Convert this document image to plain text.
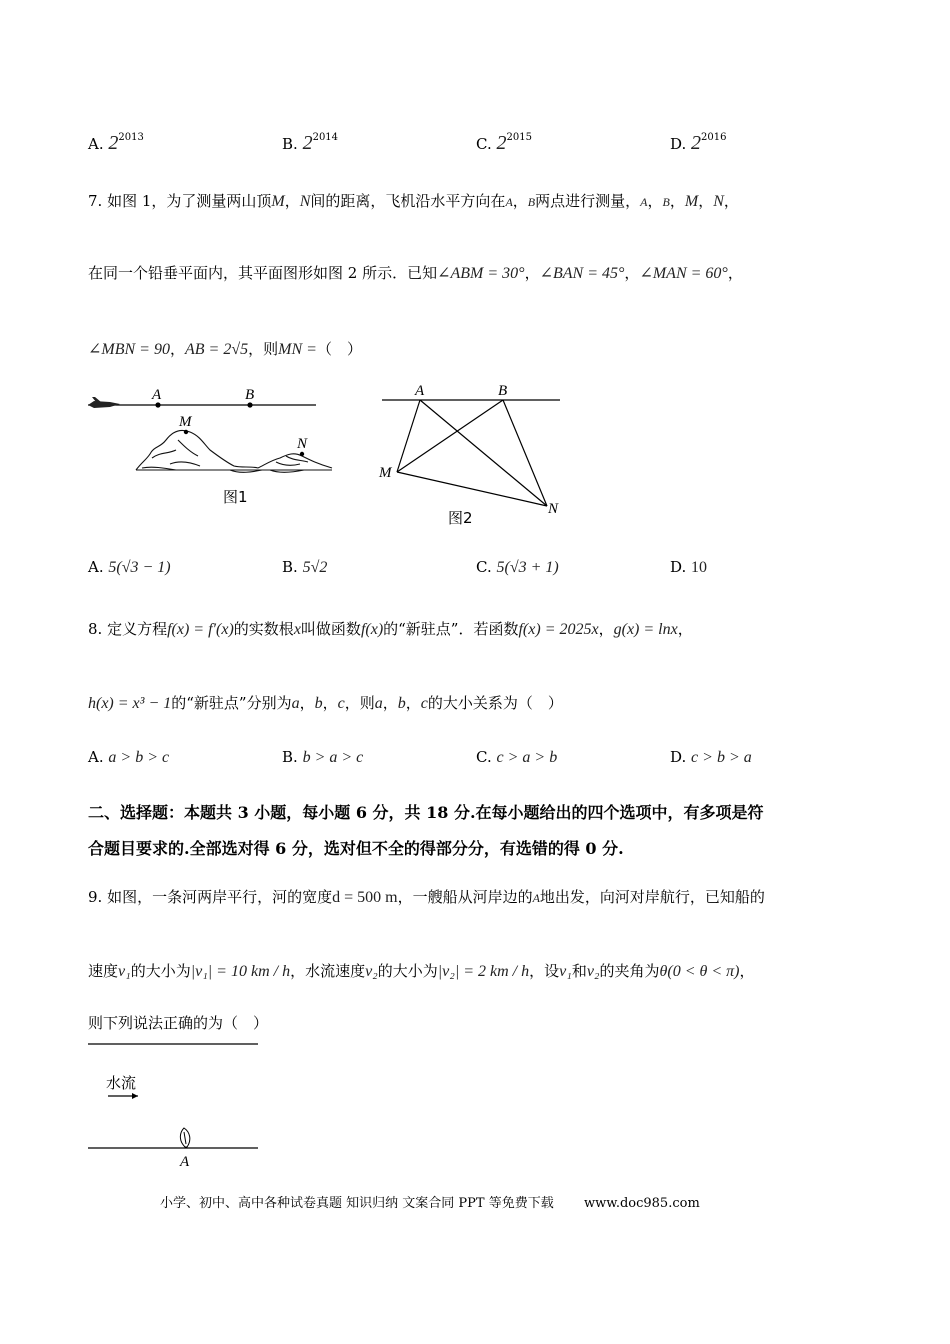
A. $2^{2013}$	B. $2^{2014}$	C. $2^{2015}$	D. $2^{2016}$
7. 如图 1，为了测量两山顶M，N间的距离，飞机沿水平方向在A，B两点进行测量，A，B，M，N，
在同一个铅垂平面内，其平面图形如图 2 所示．已知∠ABM = 30°，∠BAN = 45°，∠MAN = 60°，
∠MBN = 90，AB = 2√5，则MN =（　）
A	B
M
N
图1
A	B
M
N
图2
A. 5(√3 − 1)	B. 5√2	C. 5(√3 + 1)	D. 10
8. 定义方程f(x) = f′(x)的实数根x叫做函数f(x)的“新驻点”．若函数f(x) = 2025x，g(x) = lnx，
h(x) = x³ − 1的“新驻点”分别为a，b，c，则a，b，c的大小关系为（　）
A. a > b > c	B. b > a > c	C. c > a > b	D. c > b > a
二、选择题：本题共 3 小题，每小题 6 分，共 18 分.在每小题给出的四个选项中，有多项是符
合题目要求的.全部选对得 6 分，选对但不全的得部分分，有选错的得 0 分.
9. 如图，一条河两岸平行，河的宽度d = 500 m，一艘船从河岸边的A地出发，向河对岸航行，已知船的
速度v₁的大小为|v₁| = 10 km / h，水流速度v₂的大小为|v₂| = 2 km / h，设v₁和v₂的夹角为θ(0 < θ < π)，
则下列说法正确的为（　）
水流
A
小学、初中、高中各种试卷真题 知识归纳 文案合同 PPT 等免费下载 www.doc985.com
